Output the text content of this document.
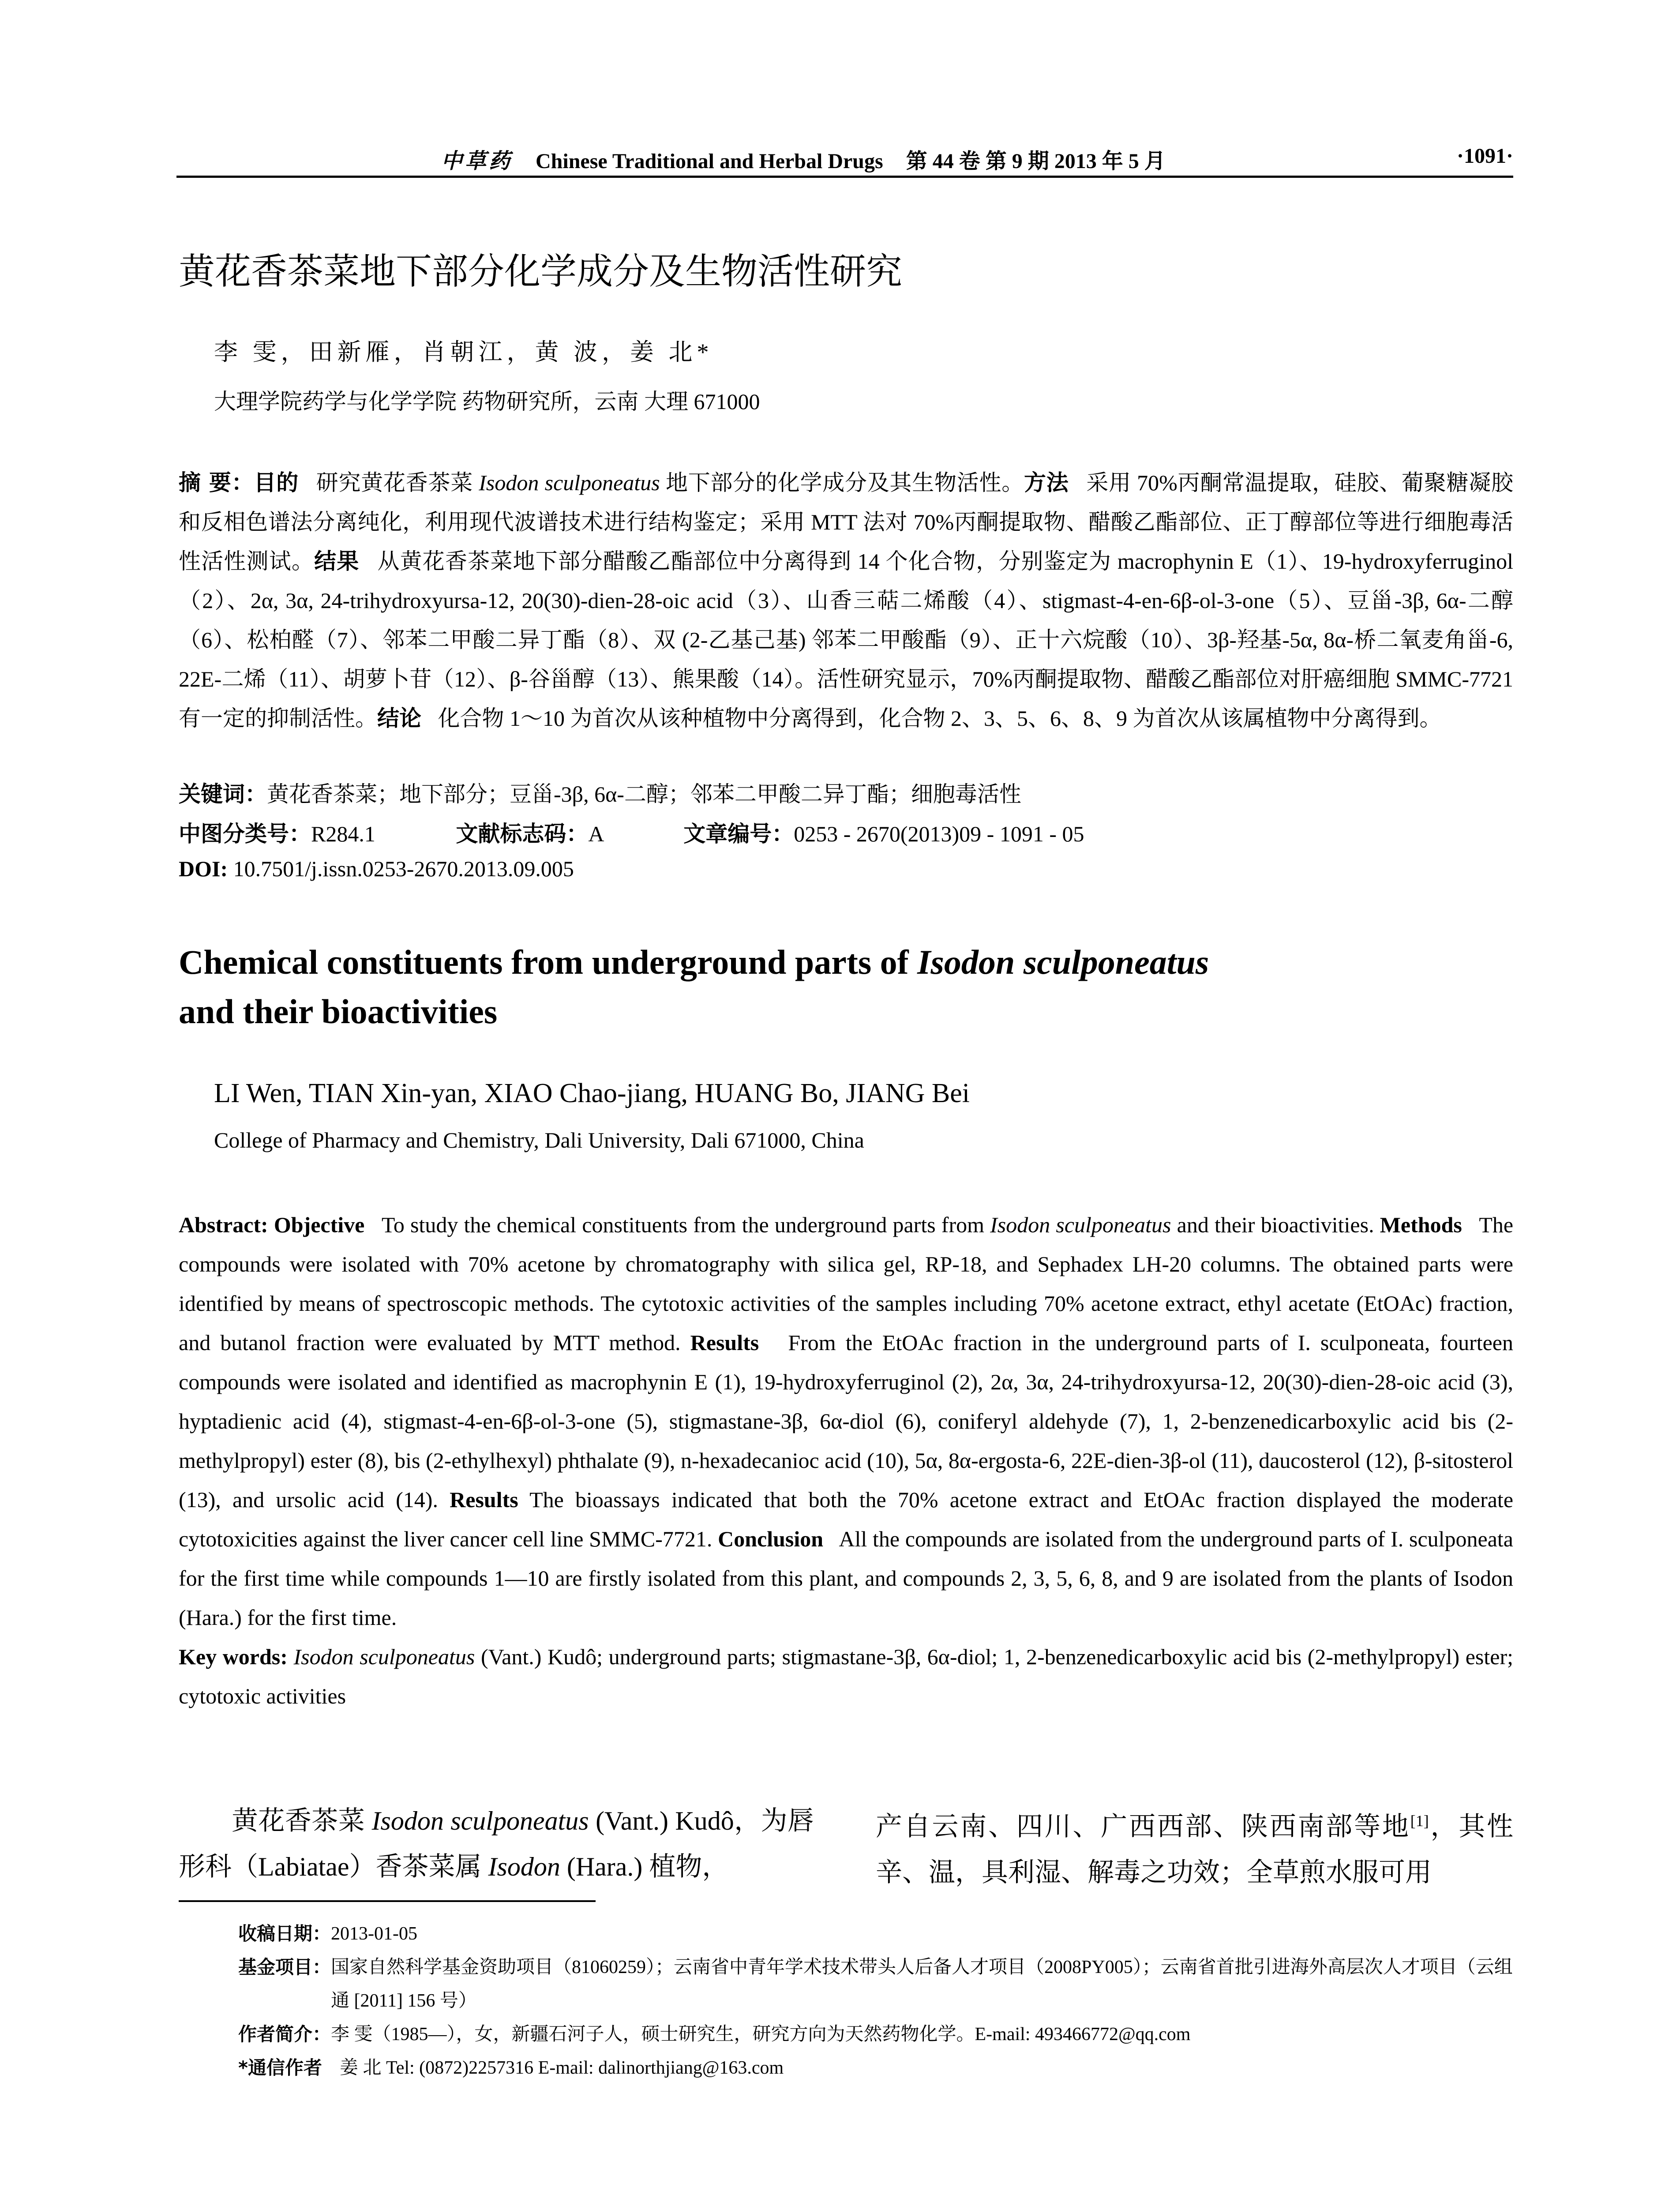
中草药 Chinese Traditional and Herbal Drugs 第 44 卷 第 9 期 2013 年 5 月	·1091·
黄花香茶菜地下部分化学成分及生物活性研究
李 雯，田新雁，肖朝江，黄 波，姜 北*
大理学院药学与化学学院 药物研究所，云南 大理 671000
摘 要：目的 研究黄花香茶菜 Isodon sculponeatus 地下部分的化学成分及其生物活性。方法 采用 70%丙酮常温提取，硅胶、葡聚糖凝胶和反相色谱法分离纯化，利用现代波谱技术进行结构鉴定；采用 MTT 法对 70%丙酮提取物、醋酸乙酯部位、正丁醇部位等进行细胞毒活性活性测试。结果 从黄花香茶菜地下部分醋酸乙酯部位中分离得到 14 个化合物，分别鉴定为 macrophynin E（1）、19-hydroxyferruginol（2）、2α, 3α, 24-trihydroxyursa-12, 20(30)-dien-28-oic acid（3）、山香三萜二烯酸（4）、stigmast-4-en-6β-ol-3-one（5）、豆甾-3β, 6α-二醇（6）、松柏醛（7）、邻苯二甲酸二异丁酯（8）、双 (2-乙基己基) 邻苯二甲酸酯（9）、正十六烷酸（10）、3β-羟基-5α, 8α-桥二氧麦角甾-6, 22E-二烯（11）、胡萝卜苷（12）、β-谷甾醇（13）、熊果酸（14）。活性研究显示，70%丙酮提取物、醋酸乙酯部位对肝癌细胞 SMMC-7721 有一定的抑制活性。结论 化合物 1～10 为首次从该种植物中分离得到，化合物 2、3、5、6、8、9 为首次从该属植物中分离得到。
关键词：黄花香茶菜；地下部分；豆甾-3β, 6α-二醇；邻苯二甲酸二异丁酯；细胞毒活性
中图分类号：R284.1	文献标志码：A	文章编号：0253 - 2670(2013)09 - 1091 - 05
DOI: 10.7501/j.issn.0253-2670.2013.09.005
Chemical constituents from underground parts of Isodon sculponeatus
and their bioactivities
LI Wen, TIAN Xin-yan, XIAO Chao-jiang, HUANG Bo, JIANG Bei
College of Pharmacy and Chemistry, Dali University, Dali 671000, China

Abstract: Objective To study the chemical constituents from the underground parts from Isodon sculponeatus and their bioactivities. Methods The compounds were isolated with 70% acetone by chromatography with silica gel, RP-18, and Sephadex LH-20 columns. The obtained parts were identified by means of spectroscopic methods. The cytotoxic activities of the samples including 70% acetone extract, ethyl acetate (EtOAc) fraction, and butanol fraction were evaluated by MTT method. Results From the EtOAc fraction in the underground parts of I. sculponeata, fourteen compounds were isolated and identified as macrophynin E (1), 19-hydroxyferruginol (2), 2α, 3α, 24-trihydroxyursa-12, 20(30)-dien-28-oic acid (3), hyptadienic acid (4), stigmast-4-en-6β-ol-3-one (5), stigmastane-3β, 6α-diol (6), coniferyl aldehyde (7), 1, 2-benzenedicarboxylic acid bis (2-methylpropyl) ester (8), bis (2-ethylhexyl) phthalate (9), n-hexadecanioc acid (10), 5α, 8α-ergosta-6, 22E-dien-3β-ol (11), daucosterol (12), β-sitosterol (13), and ursolic acid (14). Results The bioassays indicated that both the 70% acetone extract and EtOAc fraction displayed the moderate cytotoxicities against the liver cancer cell line SMMC-7721. Conclusion All the compounds are isolated from the underground parts of I. sculponeata for the first time while compounds 1—10 are firstly isolated from this plant, and compounds 2, 3, 5, 6, 8, and 9 are isolated from the plants of Isodon (Hara.) for the first time.

Key words: Isodon sculponeatus (Vant.) Kudô; underground parts; stigmastane-3β, 6α-diol; 1, 2-benzenedicarboxylic acid bis (2-methylpropyl) ester; cytotoxic activities

黄花香茶菜 Isodon sculponeatus (Vant.) Kudô，为唇形科（Labiatae）香茶菜属 Isodon (Hara.) 植物，
产自云南、四川、广西西部、陕西南部等地[1]，其性辛、温，具利湿、解毒之功效；全草煎水服可用
收稿日期： 2013-01-05
基金项目： 国家自然科学基金资助项目（81060259）；云南省中青年学术技术带头人后备人才项目（2008PY005）；云南省首批引进海外高层次人才项目（云组通 [2011] 156 号）
作者简介： 李 雯（1985—），女，新疆石河子人，硕士研究生，研究方向为天然药物化学。E-mail: 493466772@qq.com
*通信作者 姜 北 Tel: (0872)2257316 E-mail: dalinorthjiang@163.com
